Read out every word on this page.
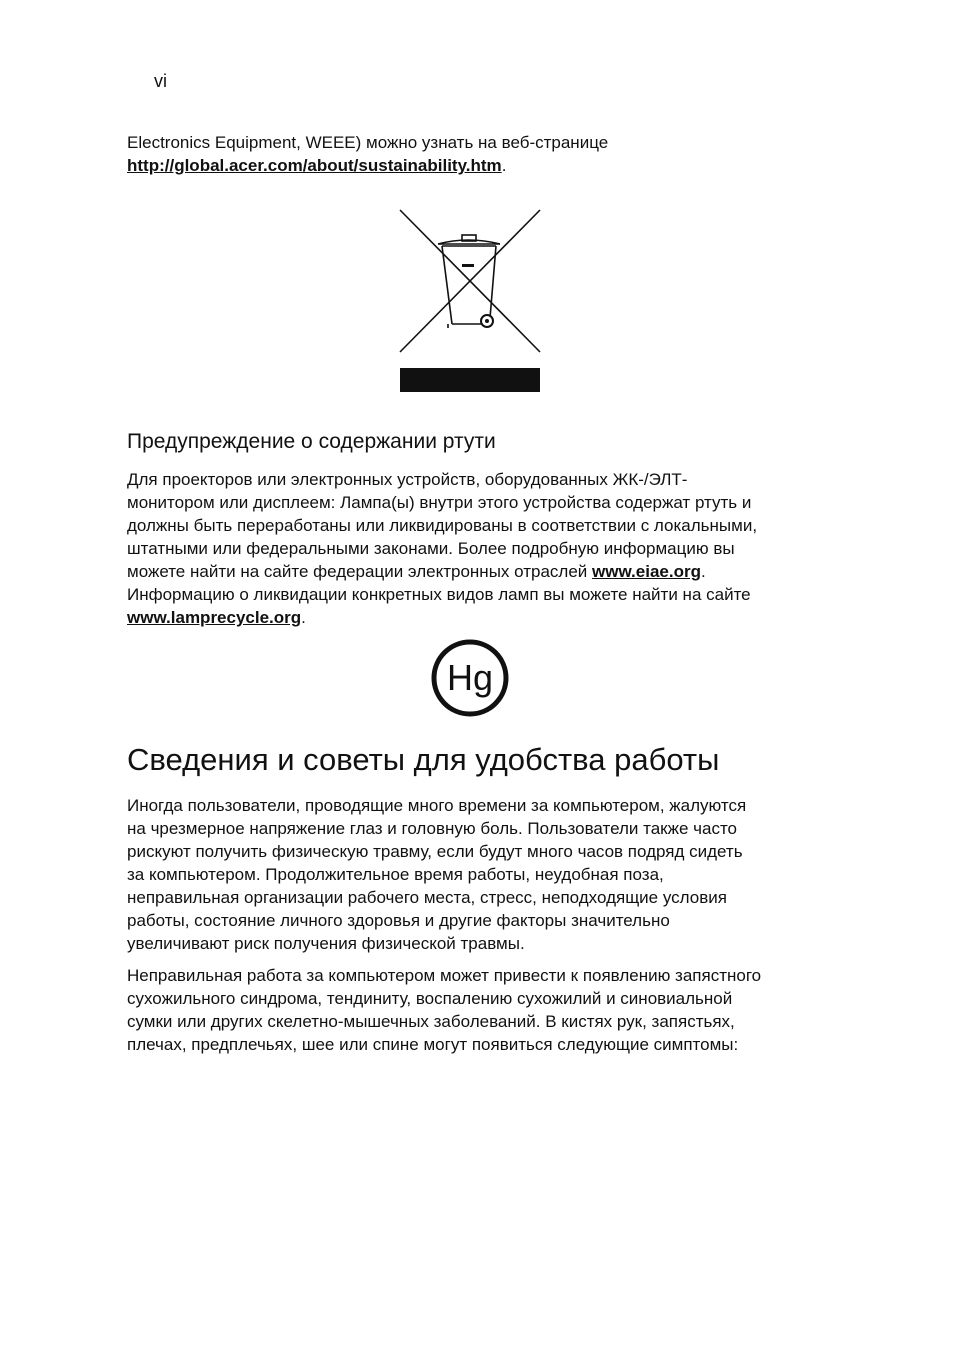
vi
Electronics Equipment, WEEE) можно узнать на веб-странице
http://global.acer.com/about/sustainability.htm.
Предупреждение о содержании ртути
Для проекторов или электронных устройств, оборудованных ЖК-/ЭЛТ-
монитором или дисплеем: Лампа(ы) внутри этого устройства содержат ртуть и
должны быть переработаны или ликвидированы в соответствии с локальными,
штатными или федеральными законами. Более подробную информацию вы
можете найти на сайте федерации электронных отраслей www.eiae.org.
Информацию о ликвидации конкретных видов ламп вы можете найти на сайте
www.lamprecycle.org.
Hg
Сведения и советы для удобства работы
Иногда пользователи, проводящие много времени за компьютером, жалуются
на чрезмерное напряжение глаз и головную боль. Пользователи также часто
рискуют получить физическую травму, если будут много часов подряд сидеть
за компьютером. Продолжительное время работы, неудобная поза,
неправильная организации рабочего места, стресс, неподходящие условия
работы, состояние личного здоровья и другие факторы значительно
увеличивают риск получения физической травмы.
Неправильная работа за компьютером может привести к появлению запястного
сухожильного синдрома, тендиниту, воспалению сухожилий и синовиальной
сумки или других скелетно-мышечных заболеваний. В кистях рук, запястьях,
плечах, предплечьях, шее или спине могут появиться следующие симптомы:
